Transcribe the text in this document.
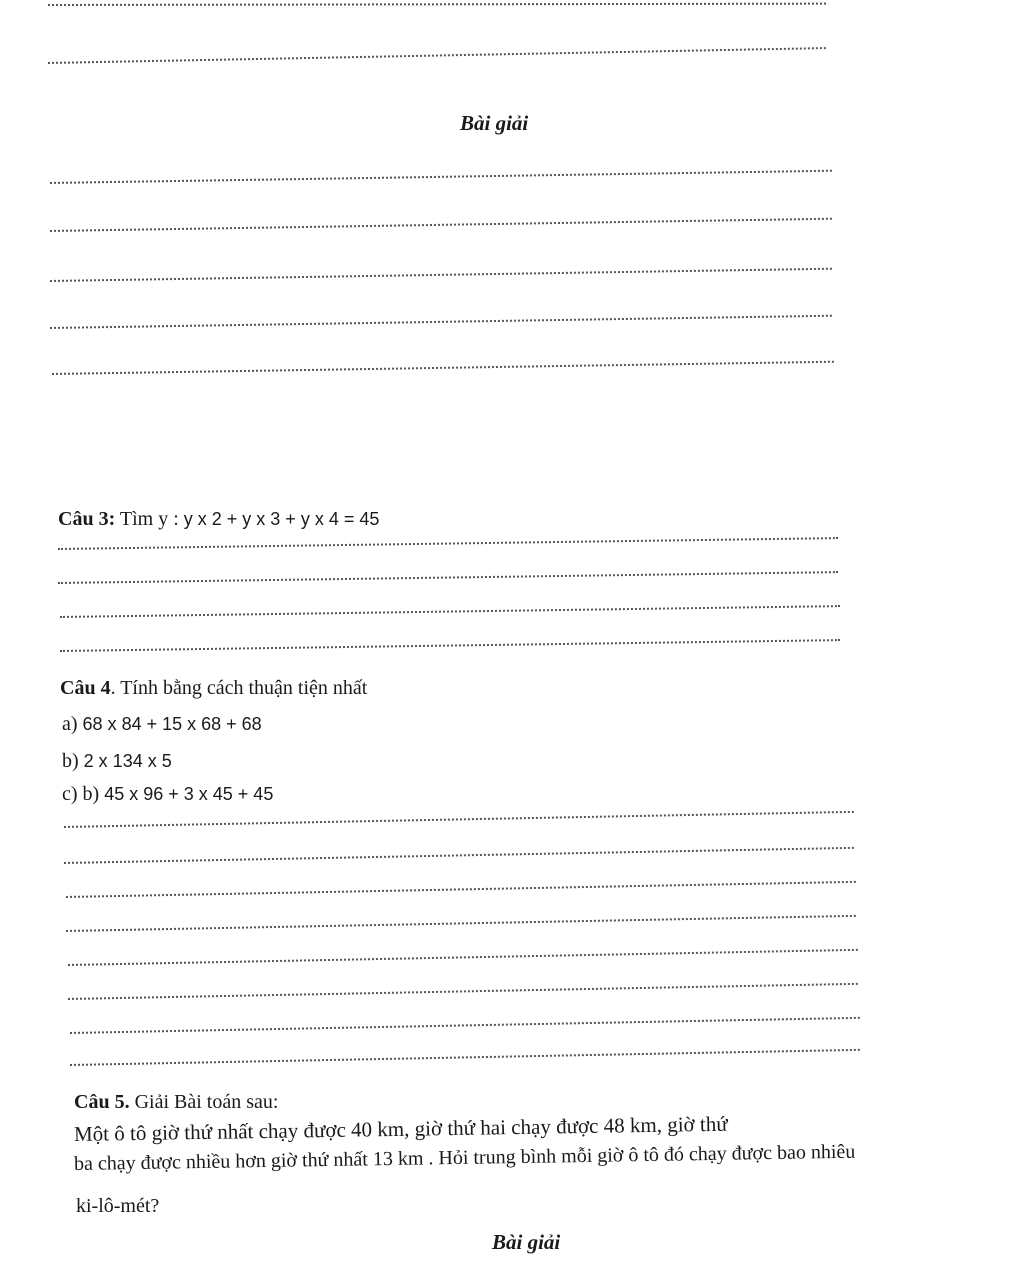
Bài giải
Câu 3: Tìm y : y x 2 + y x 3 + y x 4 = 45
Câu 4. Tính bằng cách thuận tiện nhất
a) 68 x 84 + 15 x 68 + 68
b) 2 x 134 x 5
c) b) 45 x 96 + 3 x 45 + 45
Câu 5. Giải Bài toán sau:
Một ô tô giờ thứ nhất chạy được 40 km, giờ thứ hai chạy được 48 km, giờ thứ
ba chạy được nhiều hơn giờ thứ nhất 13 km . Hỏi trung bình mỗi giờ ô tô đó chạy được bao nhiêu
ki-lô-mét?
Bài giải
